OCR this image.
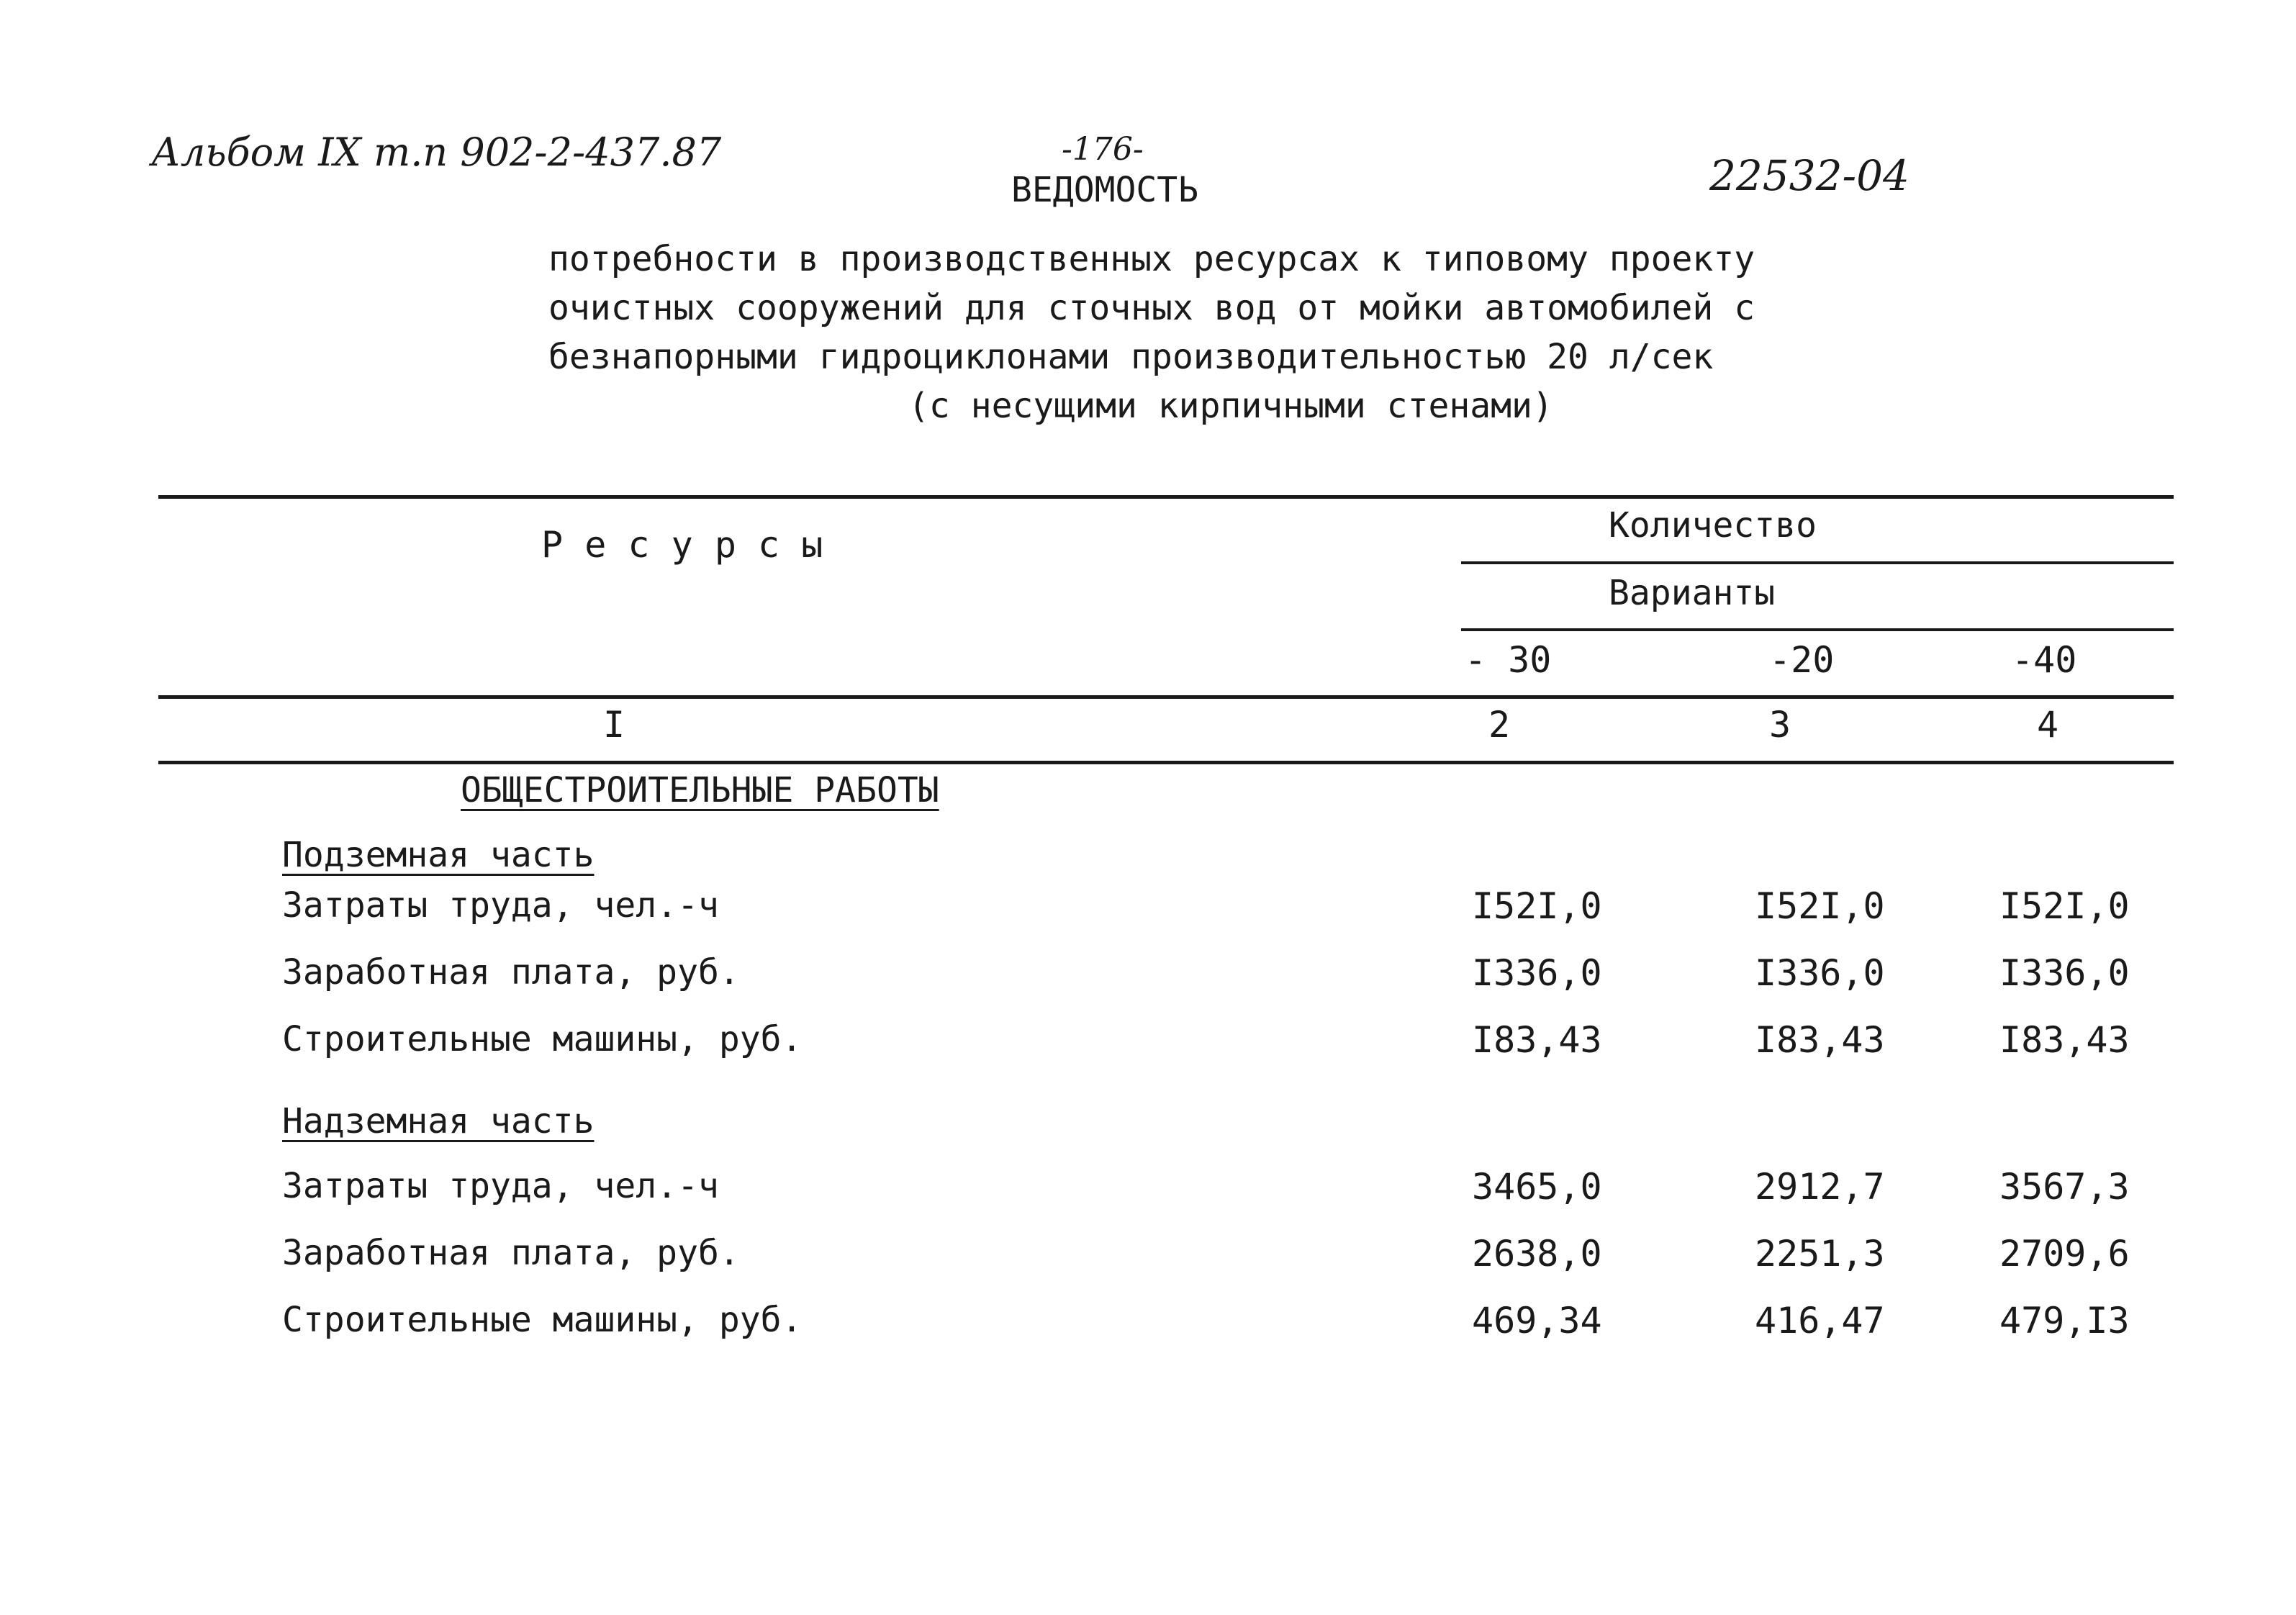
Альбом IX т.п 902-2-437.87	-176-
22532-04
ВЕДОМОСТЬ
потребности в производственных ресурсах к типовому проекту
очистных сооружений для сточных вод от мойки автомобилей с
безнапорными гидроциклонами производительностью 20 л/сек
(с несущими кирпичными стенами)
Р е с у р с ы	Количество
Варианты
- 30	-20	-40
I	2	3	4
ОБЩЕСТРОИТЕЛЬНЫЕ РАБОТЫ
Подземная часть
Затраты труда, чел.-ч	I52I,0	I52I,0	I52I,0
Заработная плата, руб.	I336,0	I336,0	I336,0
Строительные машины, руб.	I83,43	I83,43	I83,43
Надземная часть
Затраты труда, чел.-ч	3465,0	2912,7	3567,3
Заработная плата, руб.	2638,0	2251,3	2709,6
Строительные машины, руб.	469,34	416,47	479,I3
